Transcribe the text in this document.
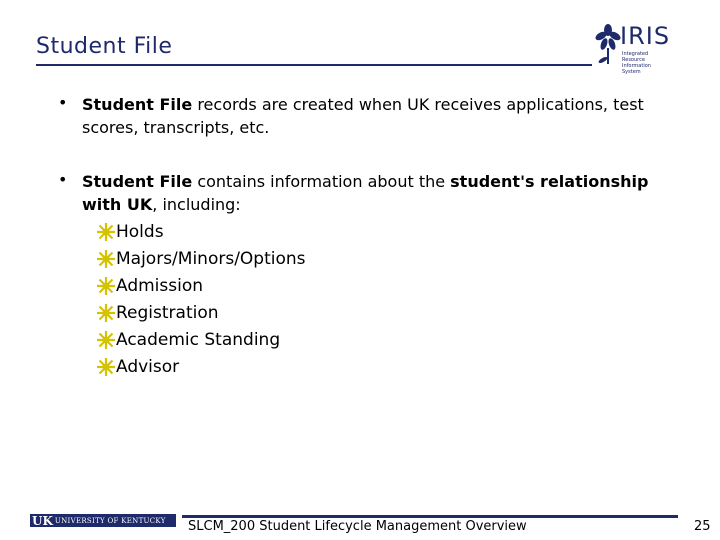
Student File	IRIS
Integrated Resource Information System
• Student File records are created when UK receives applications, test scores, transcripts, etc.
• Student File contains information about the student's relationship with UK, including:
Holds
Majors/Minors/Options
Admission
Registration
Academic Standing
Advisor
UK UNIVERSITY OF KENTUCKY SLCM_200 Student Lifecycle Management Overview	25
